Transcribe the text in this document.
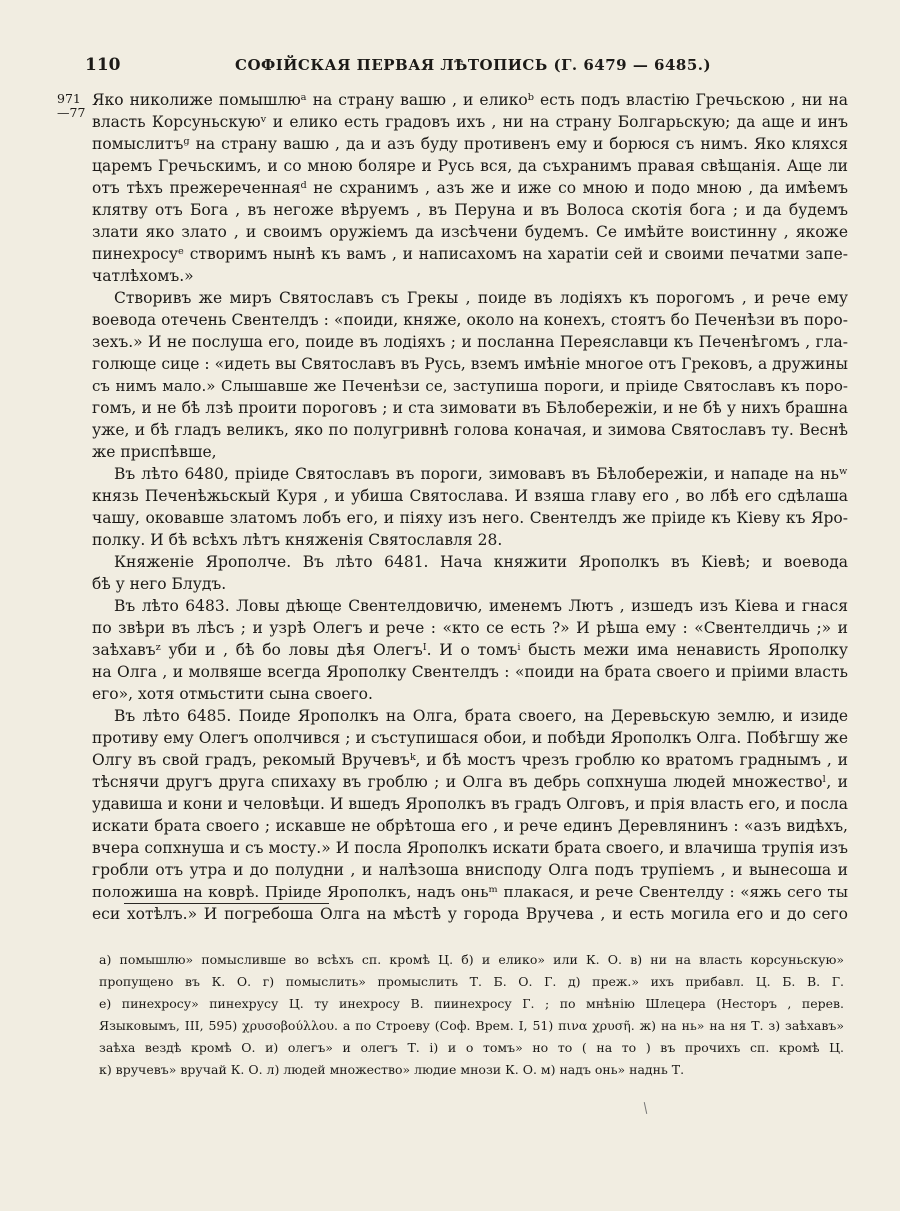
110	СОФІЙСКАЯ ПЕРВАЯ ЛѢТОПИСЬ (Г. 6479 — 6485.)
971
—77
Яко николиже помышлюᵃ на страну вашю , и еликоᵇ есть подъ властію Гречьскою , ни на
власть Корсуньскуюᵛ и елико есть градовъ ихъ , ни на страну Болгарьскую; да аще и инъ
помыслитъᵍ на страну вашю , да и азъ буду противенъ ему и борюся съ нимъ. Яко кляхся
царемъ Гречьскимъ, и со мною боляре и Русь вся, да съхранимъ правая свѣщанія. Аще ли
отъ тѣхъ прежереченнаяᵈ не схранимъ , азъ же и иже со мною и подо мною , да имѣемъ
клятву отъ Бога , въ негоже вѣруемъ , въ Перуна и въ Волоса скотія бога ; и да будемъ
злати яко злато , и своимъ оружіемъ да изсѣчени будемъ. Се имѣйте воистинну , якоже
пинехросуᵉ створимъ нынѣ къ вамъ , и написахомъ на харатіи сей и своими печатми запе-
чатлѣхомъ.»
Створивъ же миръ Святославъ съ Грекы , поиде въ лодіяхъ къ порогомъ , и рече ему
воевода отечень Свентелдъ : «поиди, княже, около на конехъ, стоятъ бо Печенѣзи въ поро-
зехъ.» И не послуша его, поиде въ лодіяхъ ; и посланна Переяславци къ Печенѣгомъ , гла-
голюще сице : «идеть вы Святославъ въ Русь, вземъ имѣніе многое отъ Грековъ, а дружины
съ нимъ мало.» Слышавше же Печенѣзи се, заступиша пороги, и пріиде Святославъ къ поро-
гомъ, и не бѣ лзѣ проити пороговъ ; и ста зимовати въ Бѣлобережіи, и не бѣ у нихъ брашна
уже, и бѣ гладъ великъ, яко по полугривнѣ голова коначая, и зимова Святославъ ту. Веснѣ
же приспѣвше,
Въ лѣто 6480, пріиде Святославъ въ пороги, зимовавъ въ Бѣлобережіи, и нападе на ньʷ
князь Печенѣжьскый Куря , и убиша Святослава. И взяша главу его , во лбѣ его сдѣлаша
чашу, оковавше златомъ лобъ его, и піяху изъ него. Свентелдъ же пріиде къ Кіеву къ Яро-
полку. И бѣ всѣхъ лѣтъ княженія Святославля 28.
Княженіе Ярополче. Въ лѣто 6481. Нача княжити Ярополкъ въ Кіевѣ; и воевода
бѣ у него Блудъ.
Въ лѣто 6483. Ловы дѣюще Свентелдовичю, именемъ Лютъ , изшедъ изъ Кіева и гнася
по звѣри въ лѣсъ ; и узрѣ Олегъ и рече : «кто се есть ?» И рѣша ему : «Свентелдичь ;» и
заѣхавъᶻ уби и , бѣ бо ловы дѣя Олегъᴵ. И о томъⁱ бысть межи има ненависть Ярополку
на Олга , и молвяше всегда Ярополку Свентелдъ : «поиди на брата своего и пріими власть
его», хотя отмьстити сына своего.
Въ лѣто 6485. Поиде Ярополкъ на Олга, брата своего, на Деревьскую землю, и изиде
противу ему Олегъ ополчився ; и съступишася обои, и побѣди Ярополкъ Олга. Побѣгшу же
Олгу въ свой градъ, рекомый Вручевъᵏ, и бѣ мостъ чрезъ гроблю ко вратомъ граднымъ , и
тѣснячи другъ друга спихаху въ гроблю ; и Олга въ дебрь сопхнуша людей множествоˡ, и
удавиша и кони и человѣци. И вшедъ Ярополкъ въ градъ Олговъ, и прія власть его, и посла
искати брата своего ; искавше не обрѣтоша его , и рече единъ Деревлянинъ : «азъ видѣхъ,
вчера сопхнуша и съ мосту.» И посла Ярополкъ искати брата своего, и влачиша трупія изъ
гробли отъ утра и до полудни , и налѣзоша внисподу Олга подъ трупіемъ , и вынесоша и
положиша на коврѣ. Пріиде Ярополкъ, надъ оньᵐ плакася, и рече Свентелду : «яжь сего ты
еси хотѣлъ.» И погребоша Олга на мѣстѣ у города Вручева , и есть могила его и до сего
а) помышлю» помысливше во всѣхъ сп. кромѣ Ц. б) и елико» или К. О. в) ни на власть корсуньскую»
пропущено въ К. О. г) помыслить» промыслить Т. Б. О. Г. д) преж.» ихъ прибавл. Ц. Б. В. Г.
е) пинехросу» пинехрусу Ц. ту инехросу В. пиинехросу Г. ; по мнѣнію Шлецера (Несторъ , перев.
Языковымъ, III, 595) χρυσοβούλλου. а по Строеву (Соф. Врем. I, 51) πινα χρυσῆ. ж) на нь» на ня Т. з) заѣхавъ»
заѣха вездѣ кромѣ О. и) олегъ» и олегъ Т. і) и о томъ» но то ( на то ) въ прочихъ сп. кромѣ Ц.
к) вручевъ» вручай К. О. л) людей множество» людие мнози К. О. м) надъ онь» наднь Т.
